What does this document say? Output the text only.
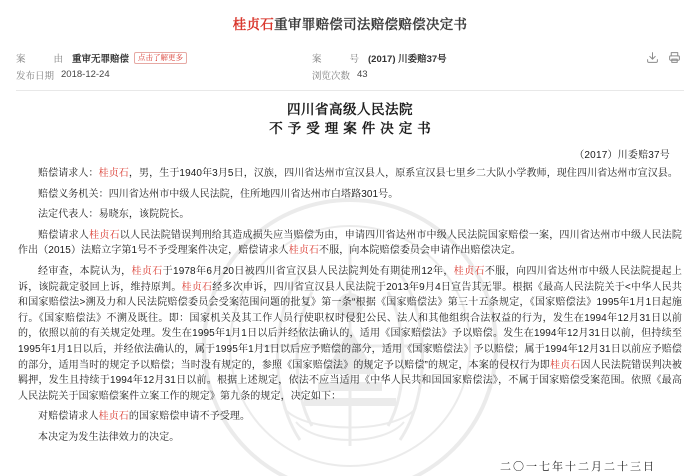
桂贞石重审罪赔偿司法赔偿赔偿决定书
案　　由 重审无罪赔偿	点击了解更多	案　　号 (2017) 川委赔37号
发布日期 2018-12-24	浏览次数 43
四川省高级人民法院
不予受理案件决定书
（2017）川委赔37号

赔偿请求人：桂贞石，男，生于1940年3月5日，汉族，四川省达州市宣汉县人，原系宣汉县七里乡二大队小学教师，现住四川省达州市宣汉县。

赔偿义务机关：四川省达州市中级人民法院，住所地四川省达州市白塔路301号。

法定代表人：易晓东，该院院长。

赔偿请求人桂贞石以人民法院错误判刑给其造成损失应当赔偿为由，申请四川省达州市中级人民法院国家赔偿一案，四川省达州市中级人民法院作出（2015）法赔立字第1号不予受理案件决定，赔偿请求人桂贞石不服，向本院赔偿委员会申请作出赔偿决定。

经审查，本院认为，桂贞石于1978年6月20日被四川省宣汉县人民法院判处有期徒刑12年，桂贞石不服，向四川省达州市中级人民法院提起上诉，该院裁定驳回上诉，维持原判。桂贞石经多次申诉，四川省宣汉县人民法院于2013年9月4日宣告其无罪。根据《最高人民法院关于<中华人民共和国家赔偿法>溯及力和人民法院赔偿委员会受案范围问题的批复》第一条“根据《国家赔偿法》第三十五条规定，《国家赔偿法》1995年1月1日起施行。《国家赔偿法》不溯及既往。即：国家机关及其工作人员行使职权时侵犯公民、法人和其他组织合法权益的行为，发生在1994年12月31日以前的，依照以前的有关规定处理。发生在1995年1月1日以后并经依法确认的，适用《国家赔偿法》予以赔偿。发生在1994年12月31日以前，但持续至1995年1月1日以后，并经依法确认的，属于1995年1月1日以后应予赔偿的部分，适用《国家赔偿法》予以赔偿；属于1994年12月31日以前应予赔偿的部分，适用当时的规定予以赔偿；当时没有规定的，参照《国家赔偿法》的规定予以赔偿”的规定，本案的侵权行为即桂贞石因人民法院错误判决被羁押，发生且持续于1994年12月31日以前。根据上述规定，依法不应当适用《中华人民共和国国家赔偿法》，不属于国家赔偿受案范围。依照《最高人民法院关于国家赔偿案件立案工作的规定》第九条的规定，决定如下：

对赔偿请求人桂贞石的国家赔偿申请不予受理。

本决定为发生法律效力的决定。

二〇一七年十二月二十三日
